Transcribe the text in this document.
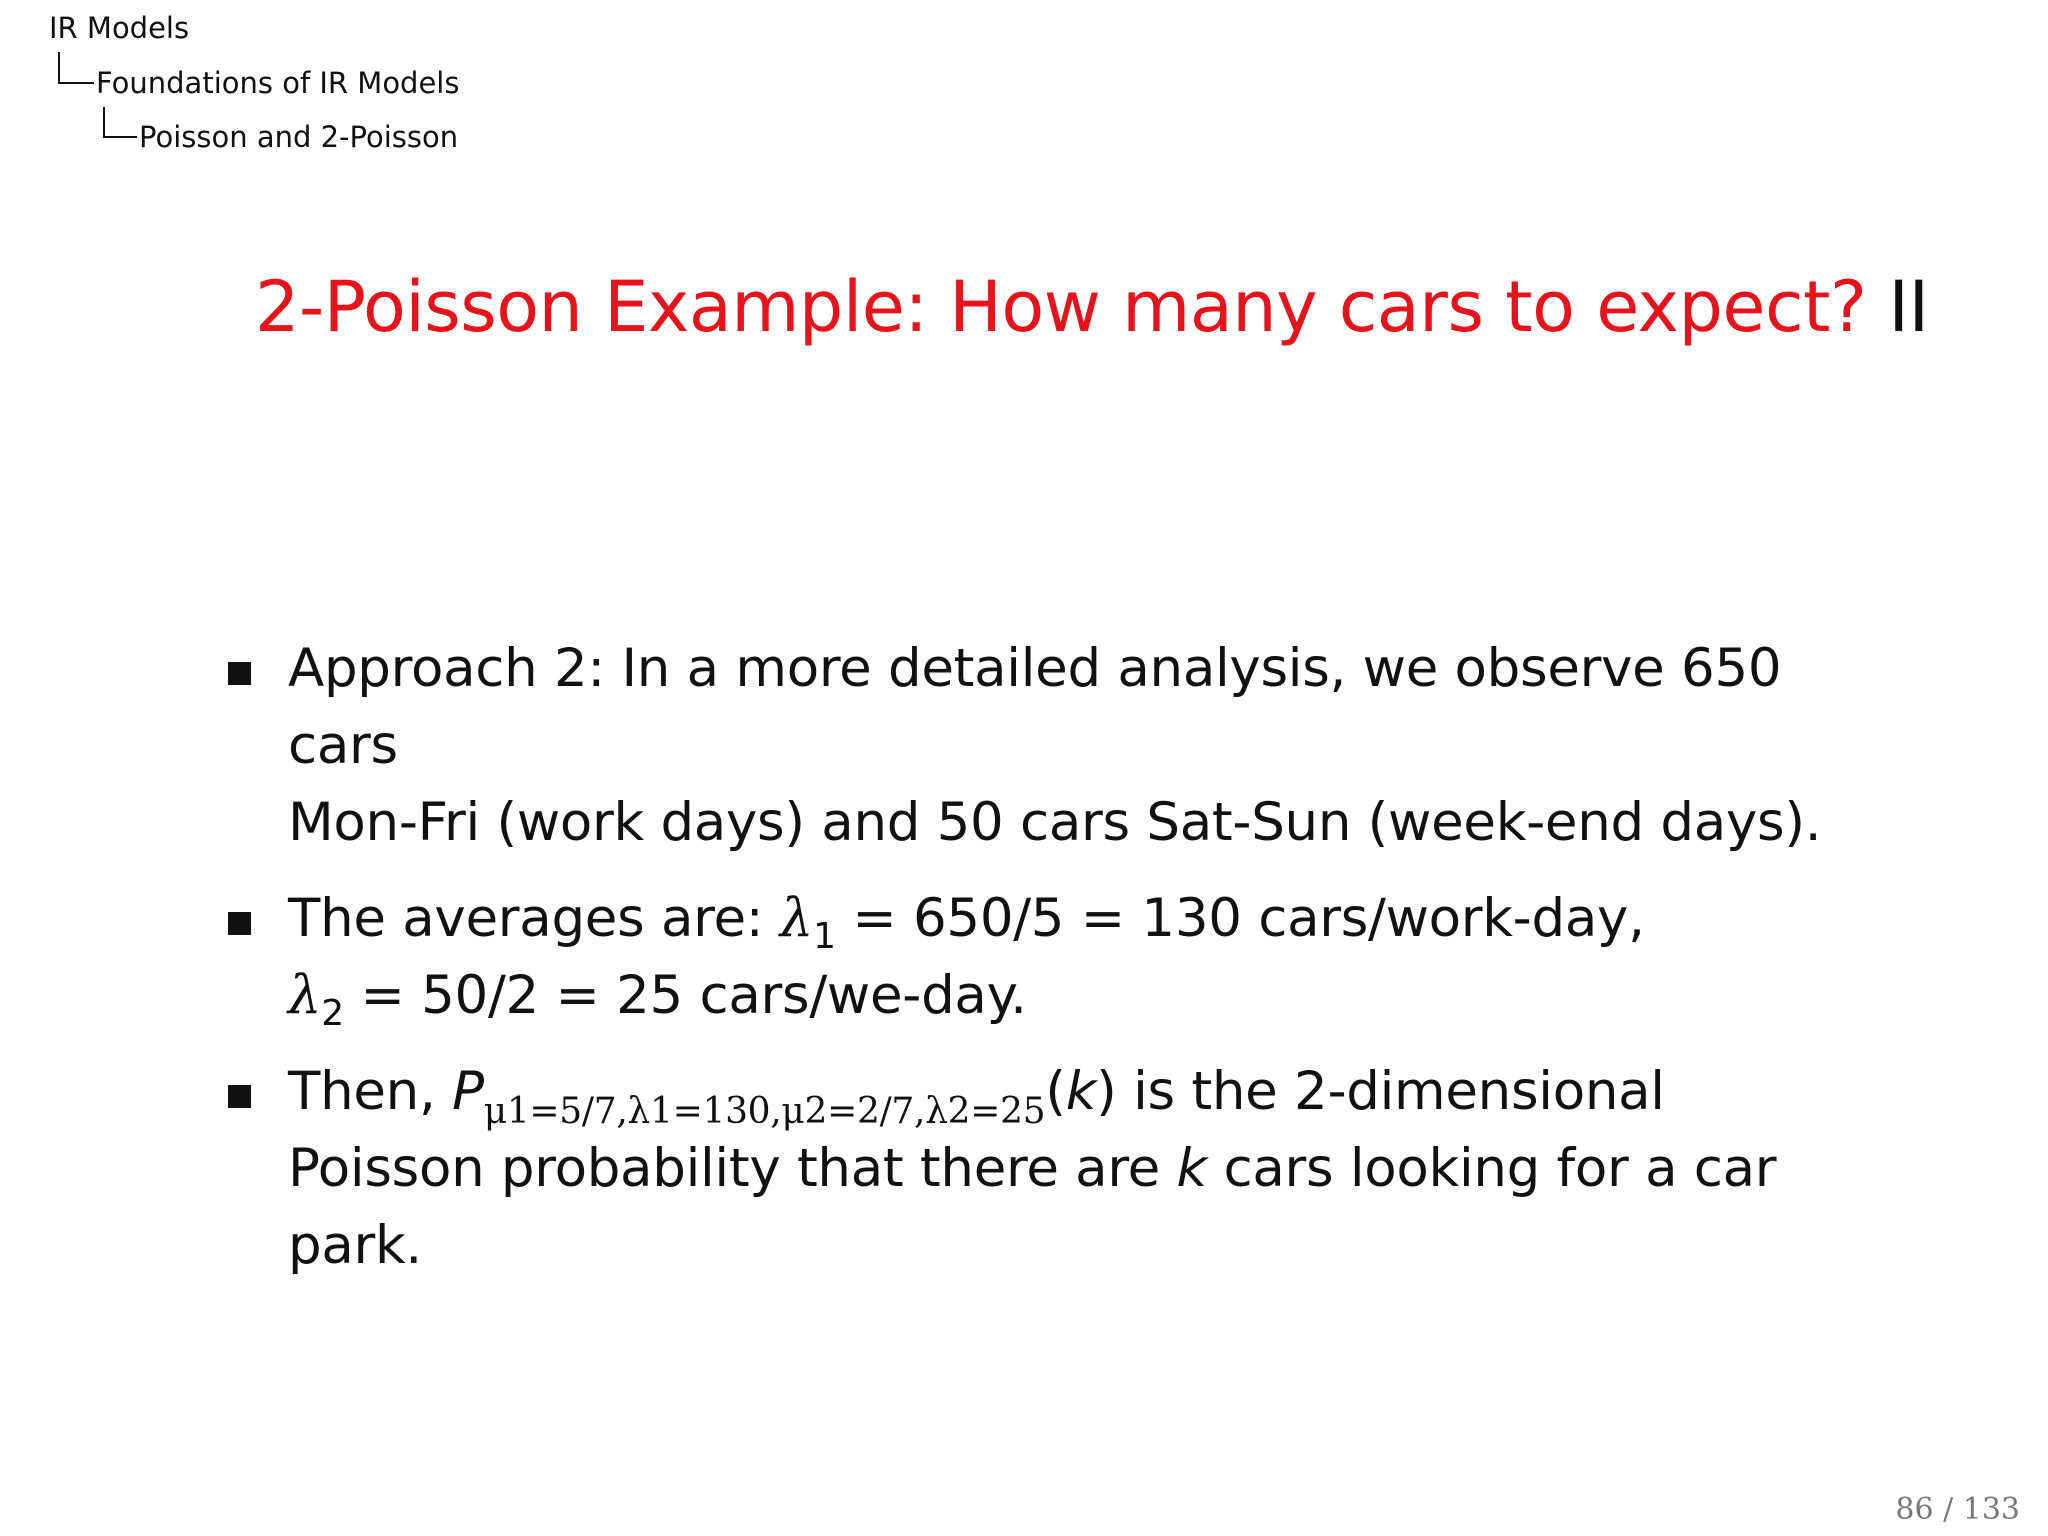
IR Models
Foundations of IR Models
Poisson and 2-Poisson
2-Poisson Example: How many cars to expect? II
Approach 2: In a more detailed analysis, we observe 650 cars
Mon-Fri (work days) and 50 cars Sat-Sun (week-end days).
The averages are: $\lambda_1 = 650/5 = 130$ cars/work-day,
$\lambda_2 = 50/2 = 25$ cars/we-day.
Then, $P_{\mu 1=5/7,\lambda 1=130,\mu 2=2/7,\lambda 2=25}(k)$ is the 2-dimensional
Poisson probability that there are k cars looking for a car
park.
86 / 133
